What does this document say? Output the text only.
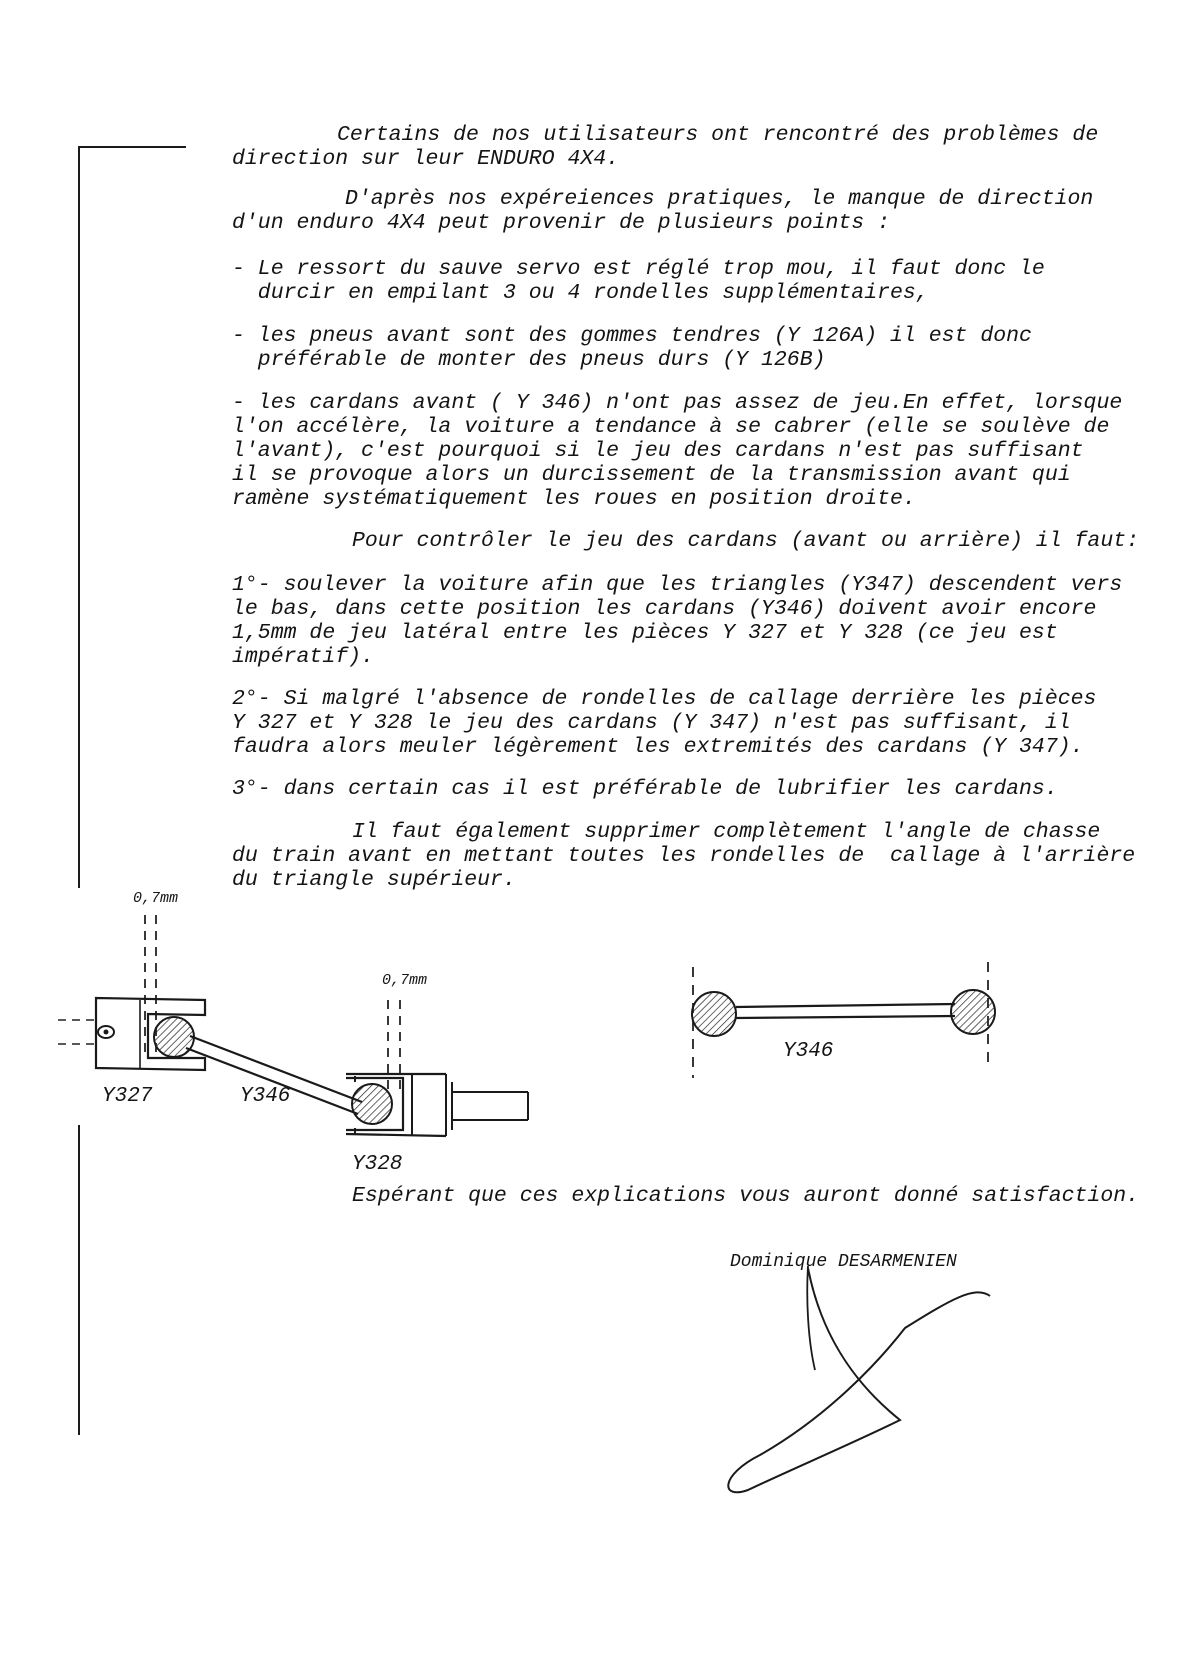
Certains de nos utilisateurs ont rencontré des problèmes de
direction sur leur ENDURO 4X4.
D'après nos expéreiences pratiques, le manque de direction
d'un enduro 4X4 peut provenir de plusieurs points :
- Le ressort du sauve servo est réglé trop mou, il faut donc le
durcir en empilant 3 ou 4 rondelles supplémentaires,
- les pneus avant sont des gommes tendres (Y 126A) il est donc
préférable de monter des pneus durs (Y 126B)
- les cardans avant ( Y 346) n'ont pas assez de jeu.En effet, lorsque
l'on accélère, la voiture a tendance à se cabrer (elle se soulève de
l'avant), c'est pourquoi si le jeu des cardans n'est pas suffisant
il se provoque alors un durcissement de la transmission avant qui
ramène systématiquement les roues en position droite.
Pour contrôler le jeu des cardans (avant ou arrière) il faut:
1°- soulever la voiture afin que les triangles (Y347) descendent vers
le bas, dans cette position les cardans (Y346) doivent avoir encore
1,5mm de jeu latéral entre les pièces Y 327 et Y 328 (ce jeu est
impératif).
2°- Si malgré l'absence de rondelles de callage derrière les pièces
Y 327 et Y 328 le jeu des cardans (Y 347) n'est pas suffisant, il
faudra alors meuler légèrement les extremités des cardans (Y 347).
3°- dans certain cas il est préférable de lubrifier les cardans.
Il faut également supprimer complètement l'angle de chasse
du train avant en mettant toutes les rondelles de  callage à l'arrière
du triangle supérieur.
0,7mm
0,7mm
Y327	Y346
Y328
Y346
Espérant que ces explications vous auront donné satisfaction.
Dominique DESARMENIEN
